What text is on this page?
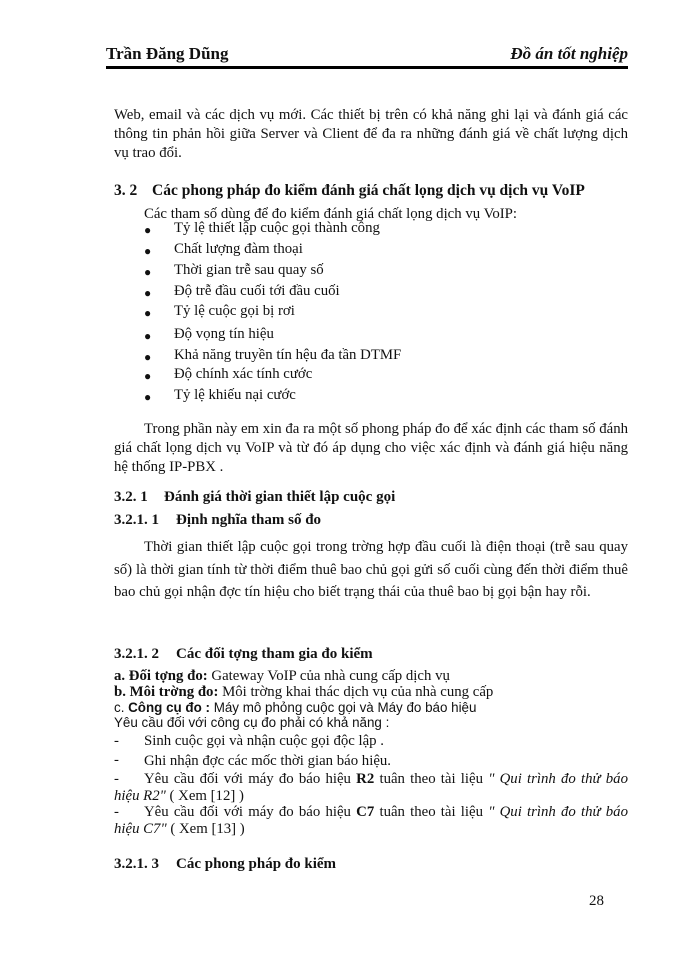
Trần Đăng Dũng	Đồ án tốt nghiệp
Web, email và các dịch vụ mới. Các thiết bị trên có khả năng ghi lại và đánh giá các thông tin phản hồi giữa Server và Client để đa ra những đánh giá về chất lượng dịch vụ trao đổi.
3. 2 Các phong pháp đo kiểm đánh giá chất lọng dịch vụ dịch vụ VoIP
Các tham số dùng để đo kiểm đánh giá chất lọng dịch vụ VoIP:
●
Tỷ lệ thiết lập cuộc gọi thành công
●
Chất lượng đàm thoại
●
Thời gian trễ sau quay số
●
Độ trễ đầu cuối tới đầu cuối
●
Tỷ lệ cuộc gọi bị rơi
●
Độ vọng tín hiệu
●
Khả năng truyền tín hệu đa tần DTMF
●
Độ chính xác tính cước
●
Tỷ lệ khiếu nại cước
Trong phần này em xin đa ra một số phong pháp đo để xác định các tham số đánh giá chất lọng dịch vụ VoIP và từ đó áp dụng cho việc xác định và đánh giá hiệu năng hệ thống IP-PBX .
3.2. 1 Đánh giá thời gian thiết lập cuộc gọi
3.2.1. 1 Định nghĩa tham số đo
Thời gian thiết lập cuộc gọi trong trờng hợp đầu cuối là điện thoại (trễ sau quay số) là thời gian tính từ thời điểm thuê bao chủ gọi gửi số cuối cùng đến thời điểm thuê bao chủ gọi nhận đợc tín hiệu cho biết trạng thái của thuê bao bị gọi bận hay rỗi.
3.2.1. 2 Các đối tợng tham gia đo kiểm
a. Đối tợng đo: Gateway VoIP của nhà cung cấp dịch vụ
b. Môi trờng đo: Môi trờng khai thác dịch vụ của nhà cung cấp
c. Công cụ đo : Máy mô phỏng cuộc gọi và Máy đo báo hiệu
Yêu cầu đối với công cụ đo phải có khả năng :
- Sinh cuộc gọi và nhận cuộc gọi độc lập .
- Ghi nhận đợc các mốc thời gian báo hiệu.
-	Yêu cầu đối với máy đo báo hiệu R2 tuân theo tài liệu " Qui trình đo thử báo hiệu R2" ( Xem [12] )
-	Yêu cầu đối với máy đo báo hiệu C7 tuân theo tài liệu " Qui trình đo thử báo hiệu C7" ( Xem [13] )
3.2.1. 3 Các phong pháp đo kiểm
28
